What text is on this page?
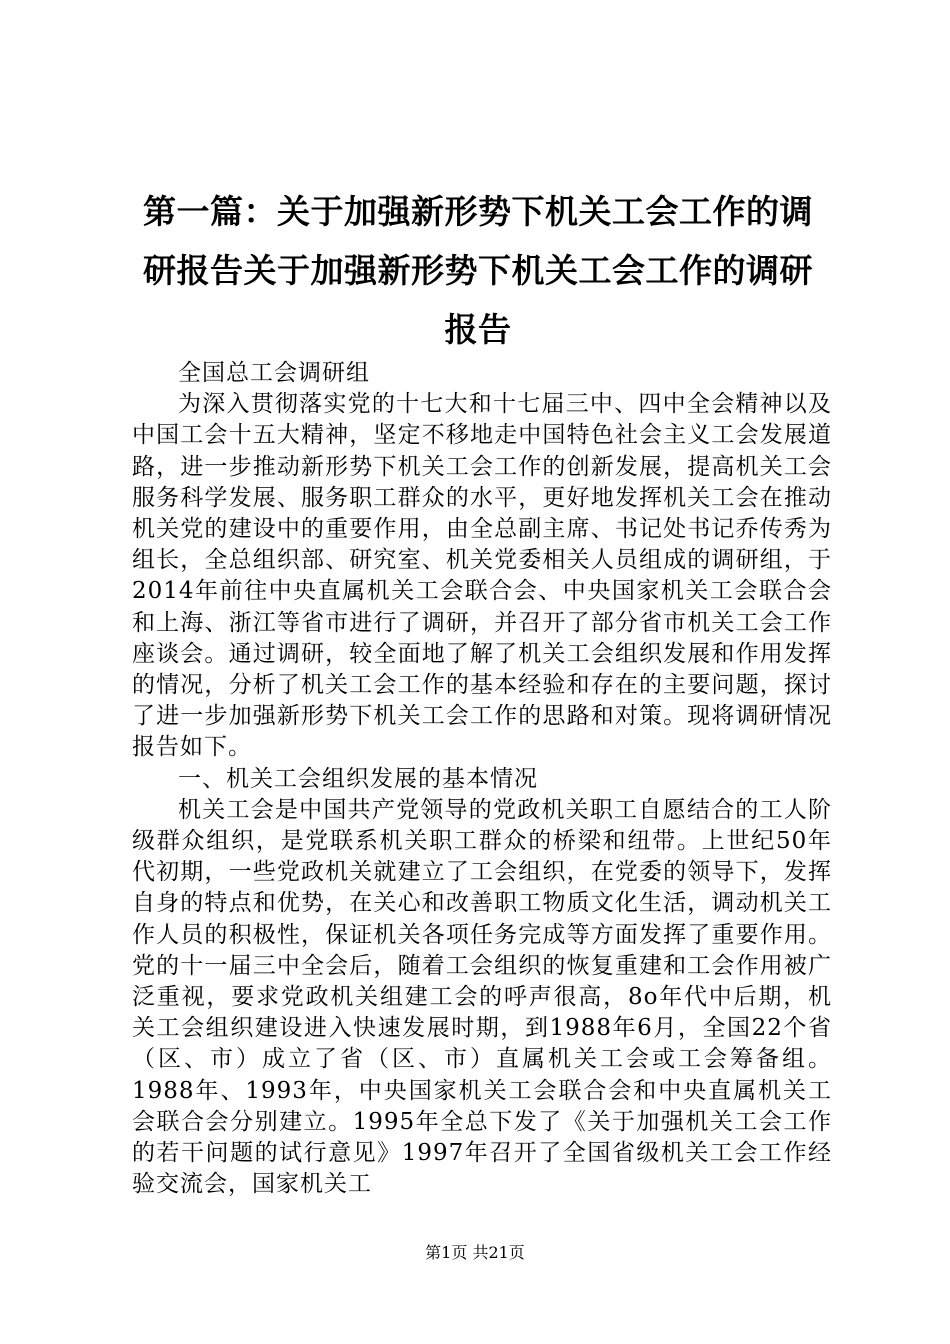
第一篇：关于加强新形势下机关工会工作的调研报告关于加强新形势下机关工会工作的调研报告

全国总工会调研组

为深入贯彻落实党的十七大和十七届三中、四中全会精神以及中国工会十五大精神，坚定不移地走中国特色社会主义工会发展道路，进一步推动新形势下机关工会工作的创新发展，提高机关工会服务科学发展、服务职工群众的水平，更好地发挥机关工会在推动机关党的建设中的重要作用，由全总副主席、书记处书记乔传秀为组长，全总组织部、研究室、机关党委相关人员组成的调研组，于2014年前往中央直属机关工会联合会、中央国家机关工会联合会和上海、浙江等省市进行了调研，并召开了部分省市机关工会工作座谈会。通过调研，较全面地了解了机关工会组织发展和作用发挥的情况，分析了机关工会工作的基本经验和存在的主要问题，探讨了进一步加强新形势下机关工会工作的思路和对策。现将调研情况报告如下。

一、机关工会组织发展的基本情况

机关工会是中国共产党领导的党政机关职工自愿结合的工人阶级群众组织，是党联系机关职工群众的桥梁和纽带。上世纪50年代初期，一些党政机关就建立了工会组织，在党委的领导下，发挥自身的特点和优势，在关心和改善职工物质文化生活，调动机关工作人员的积极性，保证机关各项任务完成等方面发挥了重要作用。党的十一届三中全会后，随着工会组织的恢复重建和工会作用被广泛重视，要求党政机关组建工会的呼声很高，8o年代中后期，机关工会组织建设进入快速发展时期，到1988年6月，全国22个省（区、市）成立了省（区、市）直属机关工会或工会筹备组。1988年、1993年，中央国家机关工会联合会和中央直属机关工会联合会分别建立。1995年全总下发了《关于加强机关工会工作的若干问题的试行意见》1997年召开了全国省级机关工会工作经验交流会，国家机关工

第1页 共21页
